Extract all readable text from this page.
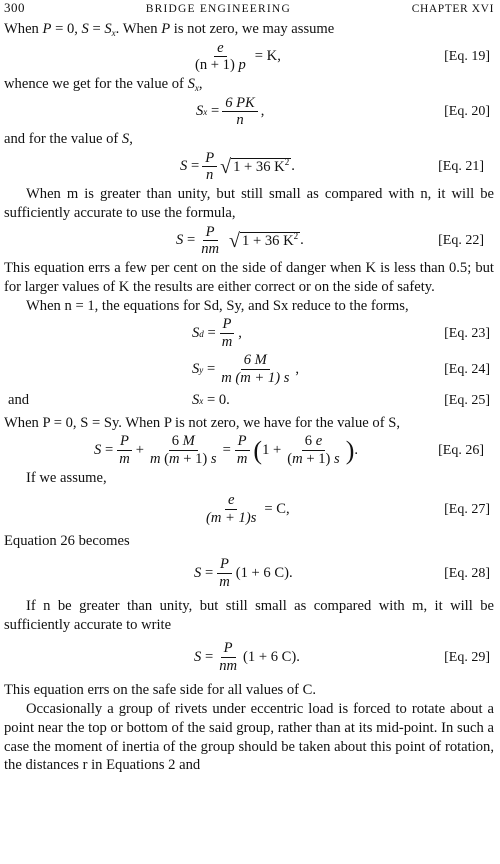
300	BRIDGE ENGINEERING	CHAPTER XVI

When P = 0, $S = S_x$. When P is not zero, we may assume

$\frac{e}{(n + 1) p} = K$,	[Eq. 19]

whence we get for the value of $S_x$,

S x =
6 PK
n
,	[Eq. 20]

and for the value of S,

S =
P
n √ 1 + 36 $K^2$ .	[Eq. 21]

When m is greater than unity, but still small as compared with n, it will be sufficiently accurate to use the formula,

S =
P
nm √ 1 + 36 $K^2$ .	[Eq. 22]

This equation errs a few per cent on the side of danger when K is less than 0.5; but for larger values of K the results are either correct or on the side of safety.

When n = 1, the equations for Sd, Sy, and Sx reduce to the forms,

S d =
P
m
,	[Eq. 23]
S y =
6 M
m (m + 1) s
,	[Eq. 24]
and	S x
= 0.	[Eq. 25]

When P = 0, S = Sy. When P is not zero, we have for the value of S,

S =
P
m
+
6 M
m (m + 1) s
=
P
m ( 1 +
6 e
(m + 1) s ) .	[Eq. 26]

If we assume,

$\frac{e}{(m + 1)s} = C$,	[Eq. 27]

Equation 26 becomes

S =
P
m
(1 + 6 C).	[Eq. 28]

If n be greater than unity, but still small as compared with m, it will be sufficiently accurate to write

S =
P
nm
(1 + 6 C).	[Eq. 29]

This equation errs on the safe side for all values of C.

Occasionally a group of rivets under eccentric load is forced to rotate about a point near the top or bottom of the said group, rather than at its mid-point. In such a case the moment of inertia of the group should be taken about this point of rotation, the distances r in Equations 2 and
